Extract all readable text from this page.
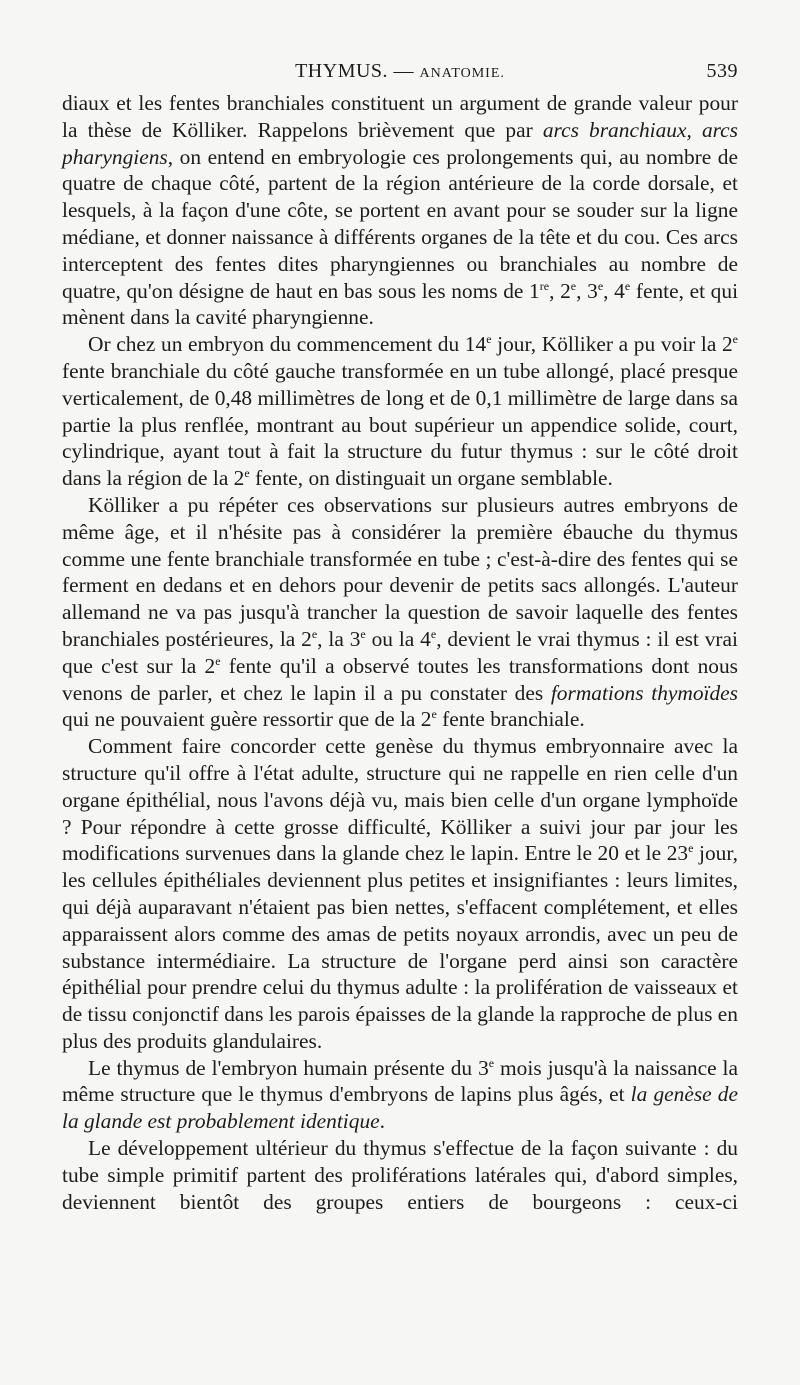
THYMUS. — ANATOMIE.	539

diaux et les fentes branchiales constituent un argument de grande valeur pour la thèse de Kölliker. Rappelons brièvement que par arcs branchiaux, arcs pharyngiens, on entend en embryologie ces prolongements qui, au nombre de quatre de chaque côté, partent de la région antérieure de la corde dorsale, et lesquels, à la façon d'une côte, se portent en avant pour se souder sur la ligne médiane, et donner naissance à différents organes de la tête et du cou. Ces arcs interceptent des fentes dites pharyngiennes ou branchiales au nombre de quatre, qu'on désigne de haut en bas sous les noms de 1re, 2e, 3e, 4e fente, et qui mènent dans la cavité pharyngienne.

Or chez un embryon du commencement du 14e jour, Kölliker a pu voir la 2e fente branchiale du côté gauche transformée en un tube allongé, placé presque verticalement, de 0,48 millimètres de long et de 0,1 millimètre de large dans sa partie la plus renflée, montrant au bout supérieur un appendice solide, court, cylindrique, ayant tout à fait la structure du futur thymus : sur le côté droit dans la région de la 2e fente, on distinguait un organe semblable.

Kölliker a pu répéter ces observations sur plusieurs autres embryons de même âge, et il n'hésite pas à considérer la première ébauche du thymus comme une fente branchiale transformée en tube ; c'est-à-dire des fentes qui se ferment en dedans et en dehors pour devenir de petits sacs allongés. L'auteur allemand ne va pas jusqu'à trancher la question de savoir laquelle des fentes branchiales postérieures, la 2e, la 3e ou la 4e, devient le vrai thymus : il est vrai que c'est sur la 2e fente qu'il a observé toutes les transformations dont nous venons de parler, et chez le lapin il a pu constater des formations thymoïdes qui ne pouvaient guère ressortir que de la 2e fente branchiale.

Comment faire concorder cette genèse du thymus embryonnaire avec la structure qu'il offre à l'état adulte, structure qui ne rappelle en rien celle d'un organe épithélial, nous l'avons déjà vu, mais bien celle d'un organe lymphoïde ? Pour répondre à cette grosse difficulté, Kölliker a suivi jour par jour les modifications survenues dans la glande chez le lapin. Entre le 20 et le 23e jour, les cellules épithéliales deviennent plus petites et insignifiantes : leurs limites, qui déjà auparavant n'étaient pas bien nettes, s'effacent complétement, et elles apparaissent alors comme des amas de petits noyaux arrondis, avec un peu de substance intermédiaire. La structure de l'organe perd ainsi son caractère épithélial pour prendre celui du thymus adulte : la prolifération de vaisseaux et de tissu conjonctif dans les parois épaisses de la glande la rapproche de plus en plus des produits glandulaires.

Le thymus de l'embryon humain présente du 3e mois jusqu'à la naissance la même structure que le thymus d'embryons de lapins plus âgés, et la genèse de la glande est probablement identique.

Le développement ultérieur du thymus s'effectue de la façon suivante : du tube simple primitif partent des proliférations latérales qui, d'abord simples, deviennent bientôt des groupes entiers de bourgeons : ceux-ci
